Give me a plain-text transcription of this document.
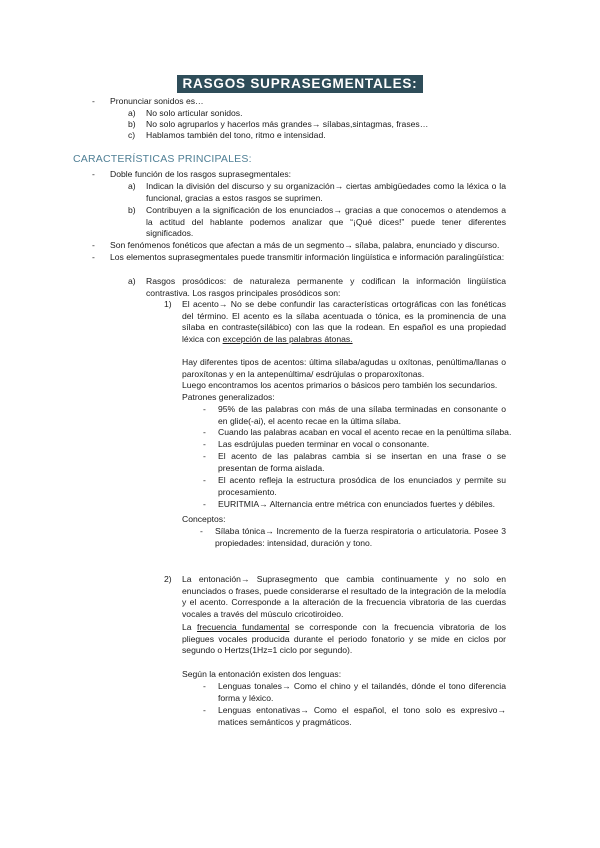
RASGOS SUPRASEGMENTALES:
- Pronunciar sonidos es…
a) No solo articular sonidos.
b) No solo agruparlos y hacerlos más grandes→ sílabas,sintagmas, frases…
c) Hablamos también del tono, ritmo e intensidad.
CARACTERÍSTICAS PRINCIPALES:
- Doble función de los rasgos suprasegmentales:
a) Indican la división del discurso y su organización→ ciertas ambigüedades como la léxica o la funcional, gracias a estos rasgos se suprimen.
b) Contribuyen a la significación de los enunciados→ gracias a que conocemos o atendemos a la actitud del hablante podemos analizar que “¡Qué dices!” puede tener diferentes significados.
- Son fenómenos fonéticos que afectan a más de un segmento→ sílaba, palabra, enunciado y discurso.
- Los elementos suprasegmentales puede transmitir información lingüística e información paralingüística:
a) Rasgos prosódicos: de naturaleza permanente y codifican la información lingüística contrastiva. Los rasgos principales prosódicos son:
1) El acento→ No se debe confundir las características ortográficas con las fonéticas del término. El acento es la sílaba acentuada o tónica, es la prominencia de una sílaba en contraste(silábico) con las que la rodean. En español es una propiedad léxica con excepción de las palabras átonas.
Hay diferentes tipos de acentos: última sílaba/agudas u oxítonas, penúltima/llanas o paroxítonas y en la antepenúltima/ esdrújulas o proparoxítonas.
Luego encontramos los acentos primarios o básicos pero también los secundarios.
Patrones generalizados:
- 95% de las palabras con más de una sílaba terminadas en consonante o en glide(-ai), el acento recae en la última sílaba.
- Cuando las palabras acaban en vocal el acento recae en la penúltima sílaba.
- Las esdrújulas pueden terminar en vocal o consonante.
- El acento de las palabras cambia si se insertan en una frase o se presentan de forma aislada.
- El acento refleja la estructura prosódica de los enunciados y permite su procesamiento.
- EURITMIA→ Alternancia entre métrica con enunciados fuertes y débiles.
Conceptos:
- Sílaba tónica→ Incremento de la fuerza respiratoria o articulatoria. Posee 3 propiedades: intensidad, duración y tono.
2) La entonación→ Suprasegmento que cambia continuamente y no solo en enunciados o frases, puede considerarse el resultado de la integración de la melodía y el acento. Corresponde a la alteración de la frecuencia vibratoria de las cuerdas vocales a través del músculo cricotiroideo.
La frecuencia fundamental se corresponde con la frecuencia vibratoria de los pliegues vocales producida durante el periodo fonatorio y se mide en ciclos por segundo o Hertzs(1Hz=1 ciclo por segundo).
Según la entonación existen dos lenguas:
- Lenguas tonales→ Como el chino y el tailandés, dónde el tono diferencia forma y léxico.
- Lenguas entonativas→ Como el español, el tono solo es expresivo→ matices semánticos y pragmáticos.
